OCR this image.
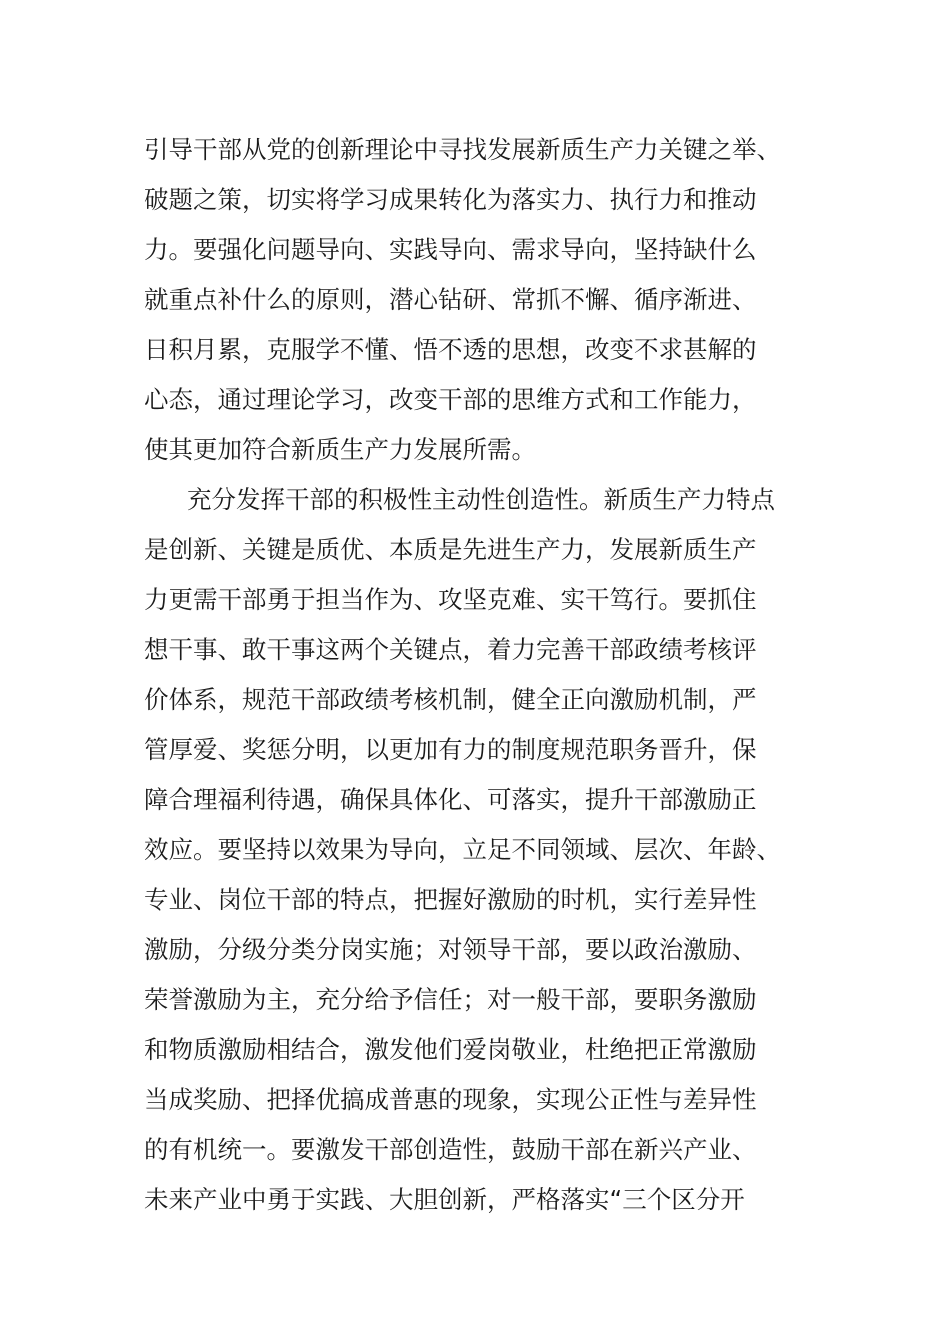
引导干部从党的创新理论中寻找发展新质生产力关键之举、
破题之策，切实将学习成果转化为落实力、执行力和推动
力。要强化问题导向、实践导向、需求导向，坚持缺什么
就重点补什么的原则，潜心钻研、常抓不懈、循序渐进、
日积月累，克服学不懂、悟不透的思想，改变不求甚解的
心态，通过理论学习，改变干部的思维方式和工作能力，
使其更加符合新质生产力发展所需。
充分发挥干部的积极性主动性创造性。新质生产力特点
是创新、关键是质优、本质是先进生产力，发展新质生产
力更需干部勇于担当作为、攻坚克难、实干笃行。要抓住
想干事、敢干事这两个关键点，着力完善干部政绩考核评
价体系，规范干部政绩考核机制，健全正向激励机制，严
管厚爱、奖惩分明，以更加有力的制度规范职务晋升，保
障合理福利待遇，确保具体化、可落实，提升干部激励正
效应。要坚持以效果为导向，立足不同领域、层次、年龄、
专业、岗位干部的特点，把握好激励的时机，实行差异性
激励，分级分类分岗实施；对领导干部，要以政治激励、
荣誉激励为主，充分给予信任；对一般干部，要职务激励
和物质激励相结合，激发他们爱岗敬业，杜绝把正常激励
当成奖励、把择优搞成普惠的现象，实现公正性与差异性
的有机统一。要激发干部创造性，鼓励干部在新兴产业、
未来产业中勇于实践、大胆创新，严格落实“三个区分开
